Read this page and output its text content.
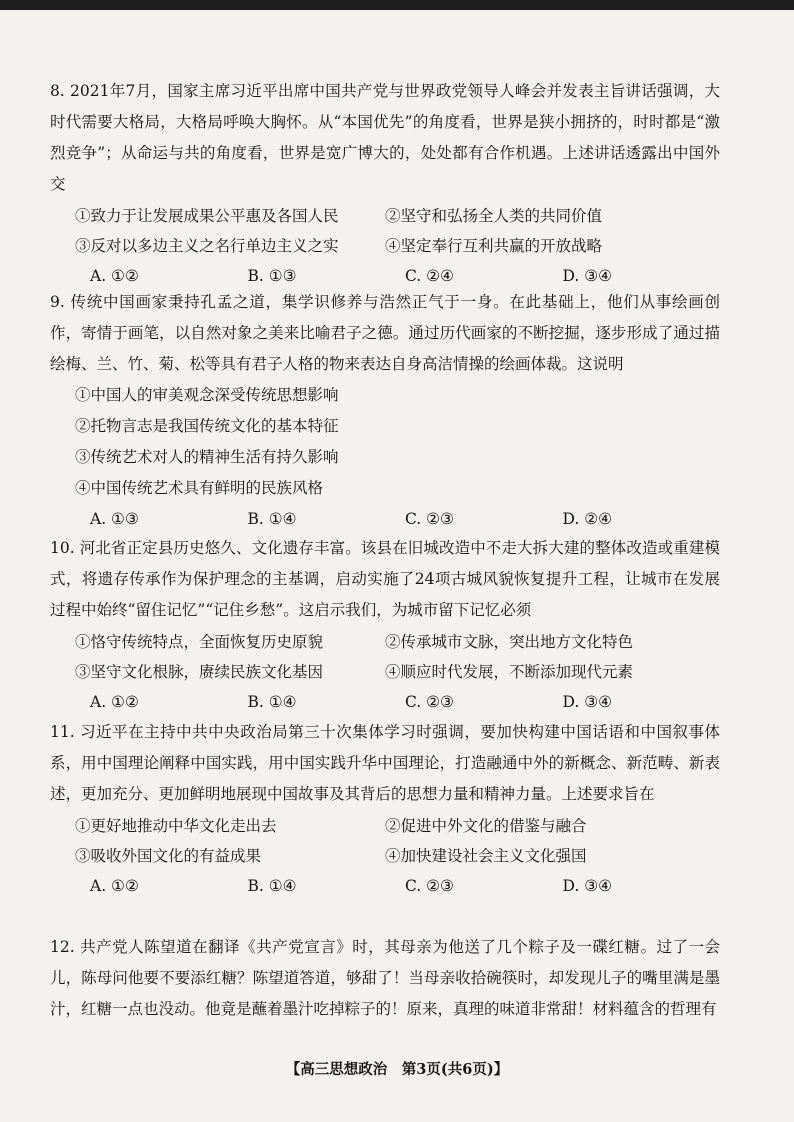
8. 2021年7月，国家主席习近平出席中国共产党与世界政党领导人峰会并发表主旨讲话强调，大时代需要大格局，大格局呼唤大胸怀。从“本国优先”的角度看，世界是狭小拥挤的，时时都是“激烈竞争”；从命运与共的角度看，世界是宽广博大的，处处都有合作机遇。上述讲话透露出中国外交

①致力于让发展成果公平惠及各国人民	②坚守和弘扬全人类的共同价值
③反对以多边主义之名行单边主义之实	④坚定奉行互利共赢的开放战略
A. ①②	B. ①③	C. ②④	D. ③④

9. 传统中国画家秉持孔孟之道，集学识修养与浩然正气于一身。在此基础上，他们从事绘画创作，寄情于画笔，以自然对象之美来比喻君子之德。通过历代画家的不断挖掘，逐步形成了通过描绘梅、兰、竹、菊、松等具有君子人格的物来表达自身高洁情操的绘画体裁。这说明

①中国人的审美观念深受传统思想影响
②托物言志是我国传统文化的基本特征
③传统艺术对人的精神生活有持久影响
④中国传统艺术具有鲜明的民族风格
A. ①③	B. ①④	C. ②③	D. ②④

10. 河北省正定县历史悠久、文化遗存丰富。该县在旧城改造中不走大拆大建的整体改造或重建模式，将遗存传承作为保护理念的主基调，启动实施了24项古城风貌恢复提升工程，让城市在发展过程中始终“留住记忆”“记住乡愁”。这启示我们，为城市留下记忆必须

①恪守传统特点，全面恢复历史原貌	②传承城市文脉，突出地方文化特色
③坚守文化根脉，赓续民族文化基因	④顺应时代发展，不断添加现代元素
A. ①②	B. ①④	C. ②③	D. ③④

11. 习近平在主持中共中央政治局第三十次集体学习时强调，要加快构建中国话语和中国叙事体系，用中国理论阐释中国实践，用中国实践升华中国理论，打造融通中外的新概念、新范畴、新表述，更加充分、更加鲜明地展现中国故事及其背后的思想力量和精神力量。上述要求旨在

①更好地推动中华文化走出去	②促进中外文化的借鉴与融合
③吸收外国文化的有益成果	④加快建设社会主义文化强国
A. ①②	B. ①④	C. ②③	D. ③④

12. 共产党人陈望道在翻译《共产党宣言》时，其母亲为他送了几个粽子及一碟红糖。过了一会儿，陈母问他要不要添红糖？陈望道答道，够甜了！当母亲收拾碗筷时，却发现儿子的嘴里满是墨汁，红糖一点也没动。他竟是蘸着墨汁吃掉粽子的！原来，真理的味道非常甜！材料蕴含的哲理有

【高三思想政治　第3页(共6页)】
